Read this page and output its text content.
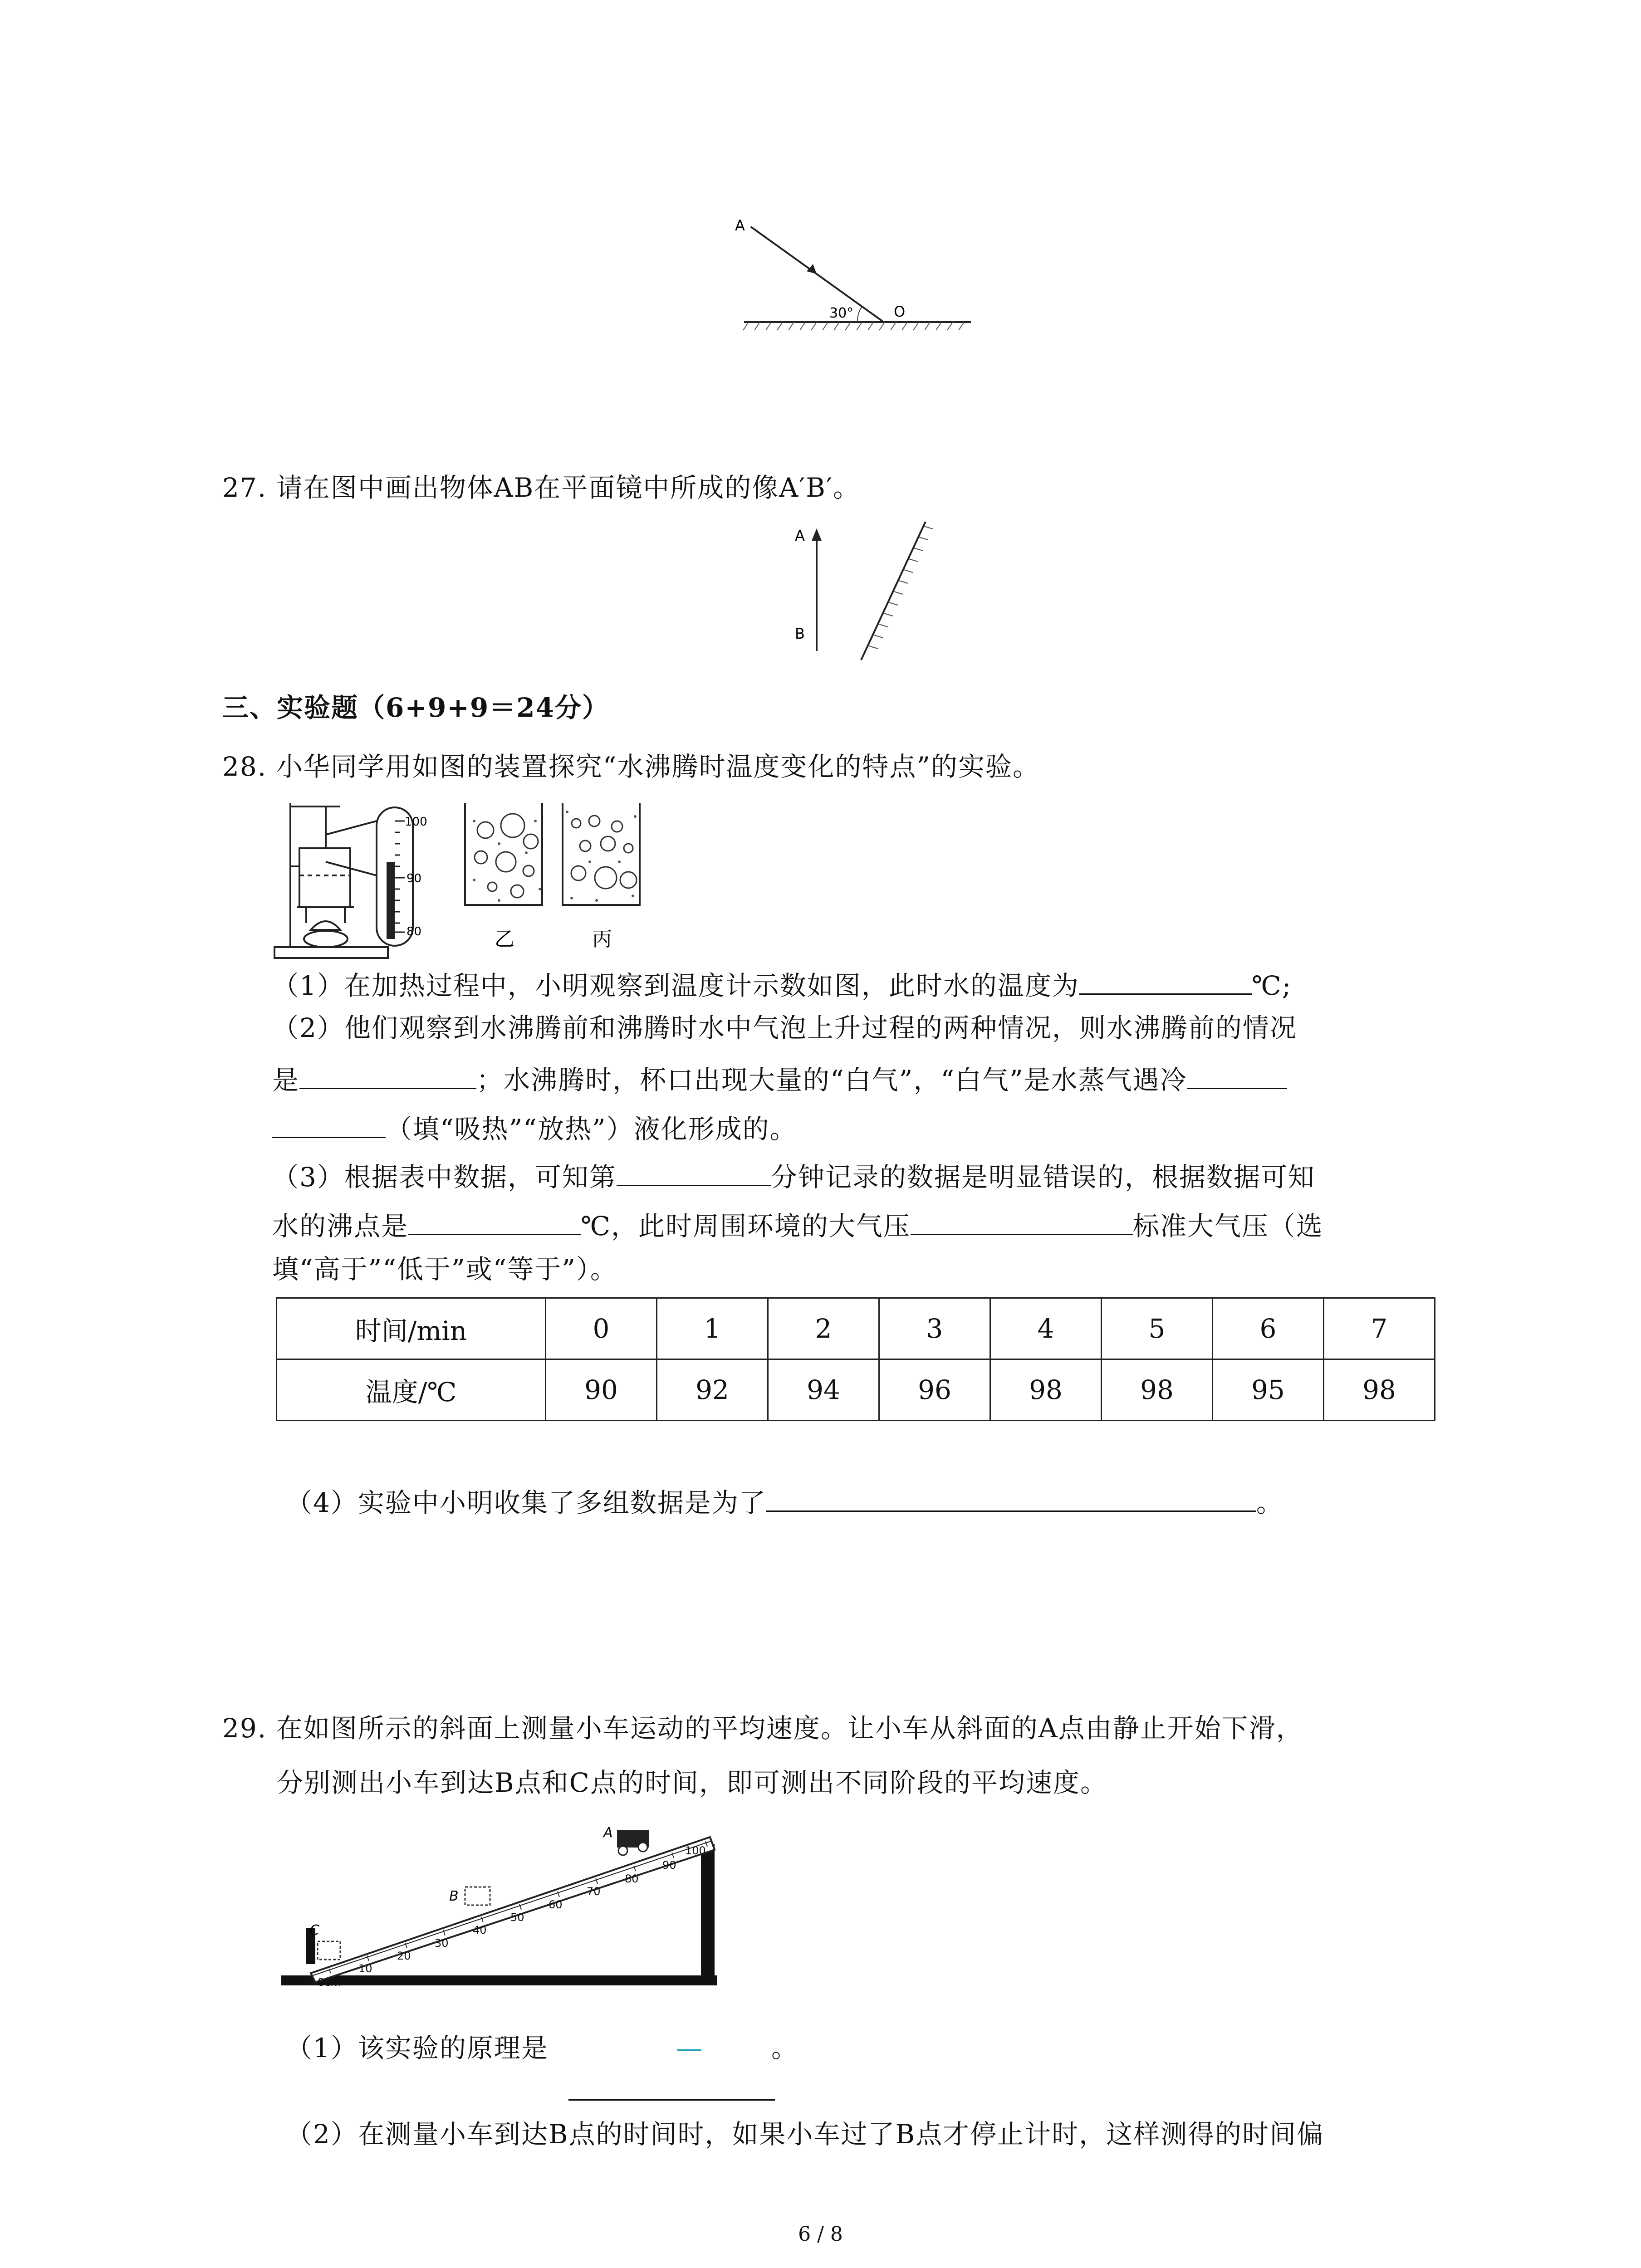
A
30°	O
27. 请在图中画出物体AB在平面镜中所成的像A′B′。
A
B
三、实验题（6+9+9＝24分）
28. 小华同学用如图的装置探究“水沸腾时温度变化的特点”的实验。
100
90
80	乙	丙
（1）在加热过程中，小明观察到温度计示数如图，此时水的温度为	℃;
（2）他们观察到水沸腾前和沸腾时水中气泡上升过程的两种情况，则水沸腾前的情况
是	；水沸腾时，杯口出现大量的“白气”，“白气”是水蒸气遇冷
（填“吸热”“放热”）液化形成的。
（3）根据表中数据，可知第	分钟记录的数据是明显错误的，根据数据可知
水的沸点是	℃，此时周围环境的大气压	标准大气压（选
填“高于”“低于”或“等于”）。
时间/min	0	1	2	3	4	5	6	7
温度/℃	90	92	94	96	98	98	95	98
（4）实验中小明收集了多组数据是为了	。
29. 在如图所示的斜面上测量小车运动的平均速度。让小车从斜面的A点由静止开始下滑，
分别测出小车到达B点和C点的时间，即可测出不同阶段的平均速度。
0cm
10
20
30
40
50
60
70
80
90
100
C
B
A
（1）该实验的原理是	—	。
（2）在测量小车到达B点的时间时，如果小车过了B点才停止计时，这样测得的时间偏
6 / 8
